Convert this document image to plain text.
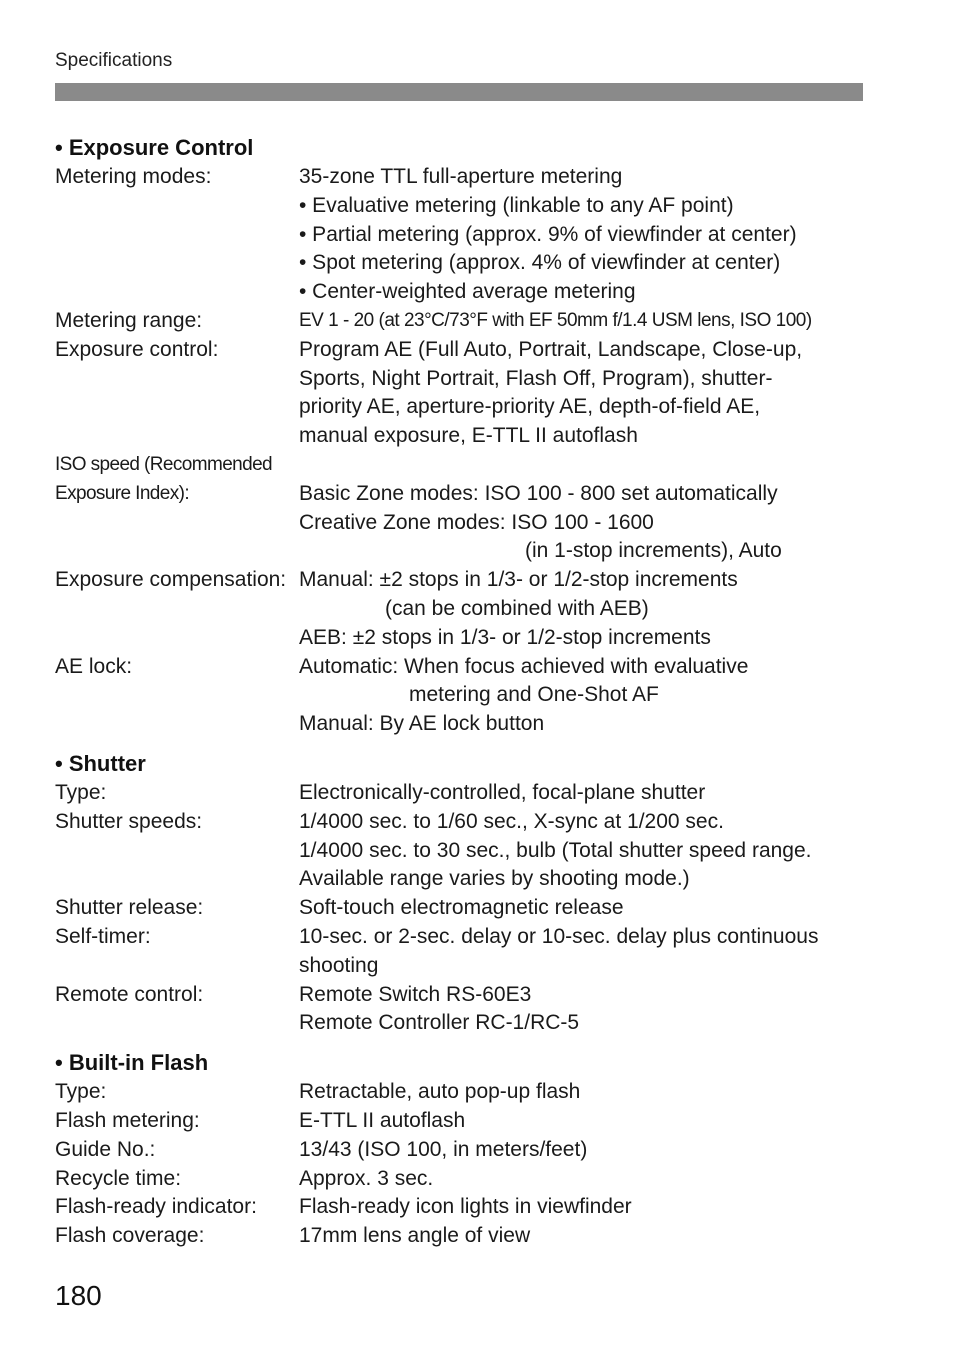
Specifications
• Exposure Control
Metering modes:	35-zone TTL full-aperture metering
• Evaluative metering (linkable to any AF point)
• Partial metering (approx. 9% of viewfinder at center)
• Spot metering (approx. 4% of viewfinder at center)
• Center-weighted average metering
Metering range:	EV 1 - 20 (at 23°C/73°F with EF 50mm f/1.4 USM lens, ISO 100)
Exposure control:	Program AE (Full Auto, Portrait, Landscape, Close-up,
Sports, Night Portrait, Flash Off, Program), shutter-
priority AE, aperture-priority AE, depth-of-field AE,
manual exposure, E-TTL II autoflash
ISO speed (Recommended

Exposure Index):	Basic Zone modes: ISO 100 - 800 set automatically
Creative Zone modes: ISO 100 - 1600
(in 1-stop increments), Auto
Exposure compensation: Manual: ±2 stops in 1/3- or 1/2-stop increments
(can be combined with AEB)
AEB: ±2 stops in 1/3- or 1/2-stop increments
AE lock:	Automatic: When focus achieved with evaluative
metering and One-Shot AF
Manual: By AE lock button
• Shutter
Type:	Electronically-controlled, focal-plane shutter
Shutter speeds:	1/4000 sec. to 1/60 sec., X-sync at 1/200 sec.
1/4000 sec. to 30 sec., bulb (Total shutter speed range.
Available range varies by shooting mode.)
Shutter release:	Soft-touch electromagnetic release
Self-timer:	10-sec. or 2-sec. delay or 10-sec. delay plus continuous
shooting
Remote control:	Remote Switch RS-60E3
Remote Controller RC-1/RC-5
• Built-in Flash
Type:	Retractable, auto pop-up flash
Flash metering:	E-TTL II autoflash
Guide No.:	13/43 (ISO 100, in meters/feet)
Recycle time:	Approx. 3 sec.
Flash-ready indicator:	Flash-ready icon lights in viewfinder
Flash coverage:	17mm lens angle of view
180
